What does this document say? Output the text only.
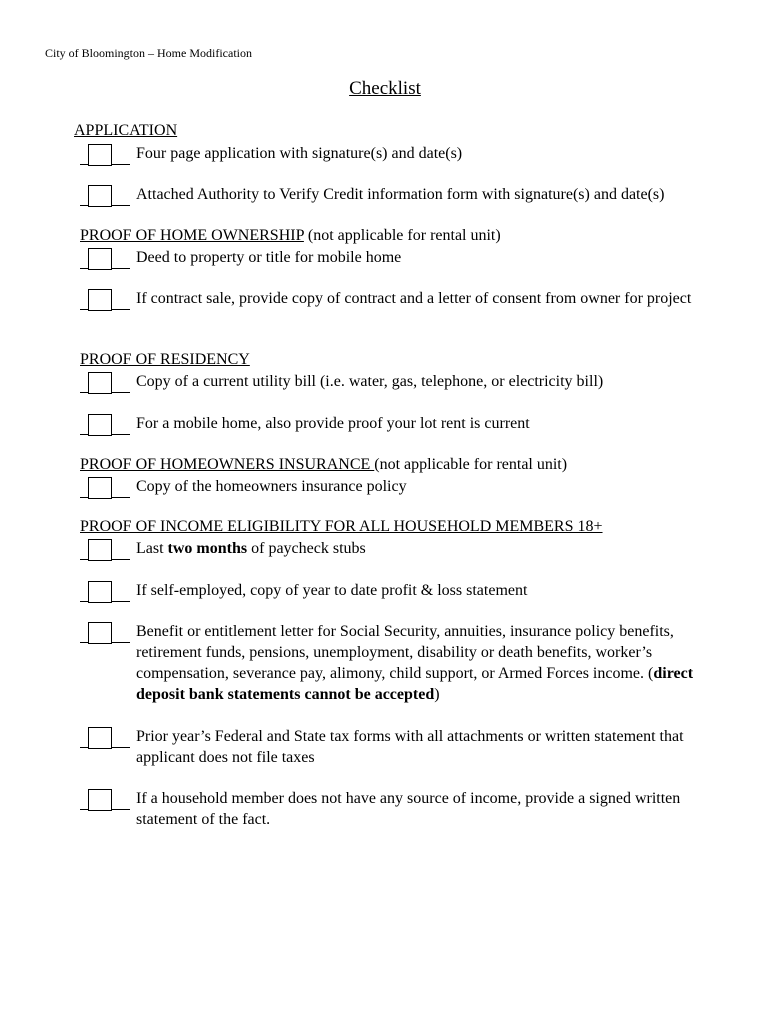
City of Bloomington – Home Modification
Checklist
APPLICATION
Four page application with signature(s) and date(s)
Attached Authority to Verify Credit information form with signature(s) and date(s)
PROOF OF HOME OWNERSHIP (not applicable for rental unit)
Deed to property or title for mobile home
If contract sale, provide copy of contract and a letter of consent from owner for project
PROOF OF RESIDENCY
Copy of a current utility bill (i.e. water, gas, telephone, or electricity bill)
For a mobile home, also provide proof your lot rent is current
PROOF OF HOMEOWNERS INSURANCE (not applicable for rental unit)
Copy of the homeowners insurance policy
PROOF OF INCOME ELIGIBILITY FOR ALL HOUSEHOLD MEMBERS 18+
Last two months of paycheck stubs
If self-employed, copy of year to date profit & loss statement
Benefit or entitlement letter for Social Security, annuities, insurance policy benefits, retirement funds, pensions, unemployment, disability or death benefits, worker’s compensation, severance pay, alimony, child support, or Armed Forces income. (direct deposit bank statements cannot be accepted)
Prior year’s Federal and State tax forms with all attachments or written statement that applicant does not file taxes
If a household member does not have any source of income, provide a signed written statement of the fact.
